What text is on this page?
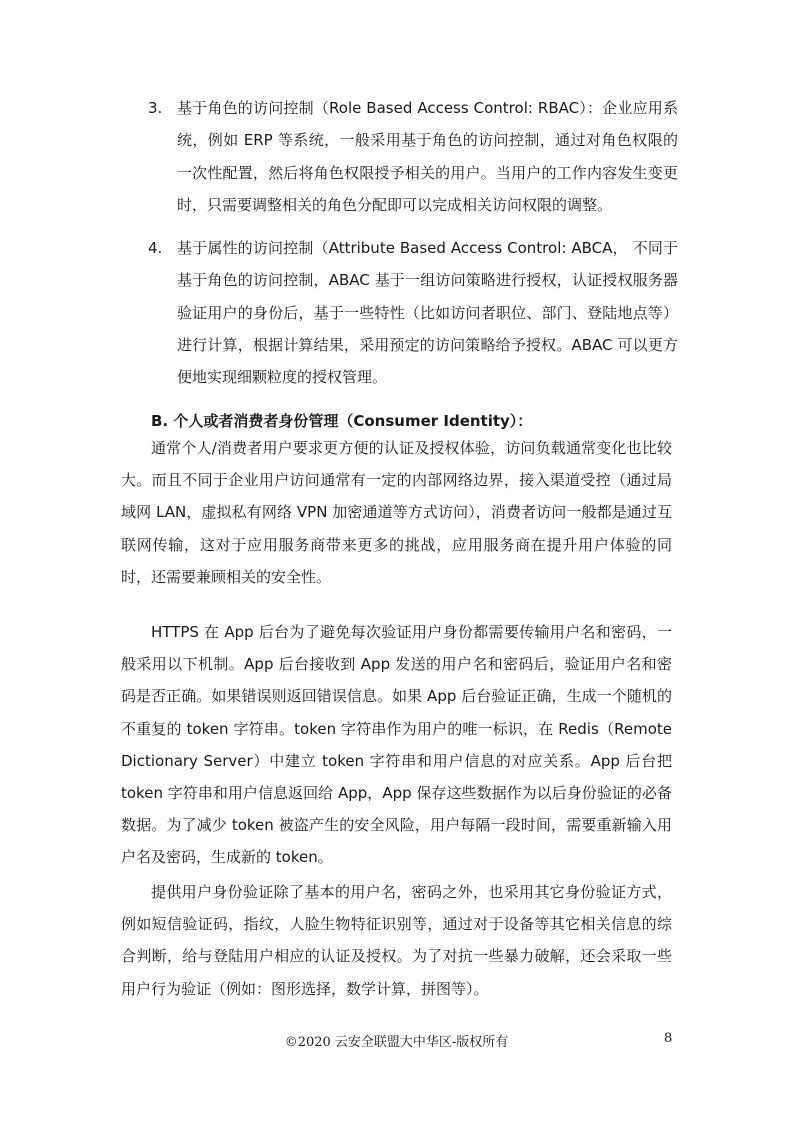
3. 基于角色的访问控制（Role Based Access Control: RBAC）：企业应用系统，例如 ERP 等系统，一般采用基于角色的访问控制，通过对角色权限的一次性配置，然后将角色权限授予相关的用户。当用户的工作内容发生变更时，只需要调整相关的角色分配即可以完成相关访问权限的调整。
4. 基于属性的访问控制（Attribute Based Access Control: ABCA， 不同于基于角色的访问控制，ABAC 基于一组访问策略进行授权，认证授权服务器验证用户的身份后，基于一些特性（比如访问者职位、部门、登陆地点等）进行计算，根据计算结果，采用预定的访问策略给予授权。ABAC 可以更方便地实现细颗粒度的授权管理。
B. 个人或者消费者身份管理（Consumer Identity）：

通常个人/消费者用户要求更方便的认证及授权体验，访问负载通常变化也比较大。而且不同于企业用户访问通常有一定的内部网络边界，接入渠道受控（通过局域网 LAN，虚拟私有网络 VPN 加密通道等方式访问），消费者访问一般都是通过互联网传输，这对于应用服务商带来更多的挑战，应用服务商在提升用户体验的同时，还需要兼顾相关的安全性。

HTTPS 在 App 后台为了避免每次验证用户身份都需要传输用户名和密码，一般采用以下机制。App 后台接收到 App 发送的用户名和密码后，验证用户名和密码是否正确。如果错误则返回错误信息。如果 App 后台验证正确，生成一个随机的不重复的 token 字符串。token 字符串作为用户的唯一标识，在 Redis（Remote Dictionary Server）中建立 token 字符串和用户信息的对应关系。App 后台把 token 字符串和用户信息返回给 App，App 保存这些数据作为以后身份验证的必备数据。为了减少 token 被盗产生的安全风险，用户每隔一段时间，需要重新输入用户名及密码，生成新的 token。

提供用户身份验证除了基本的用户名，密码之外，也采用其它身份验证方式，例如短信验证码，指纹，人脸生物特征识别等，通过对于设备等其它相关信息的综合判断，给与登陆用户相应的认证及授权。为了对抗一些暴力破解，还会采取一些用户行为验证（例如：图形选择，数学计算，拼图等）。

©2020 云安全联盟大中华区-版权所有	8
